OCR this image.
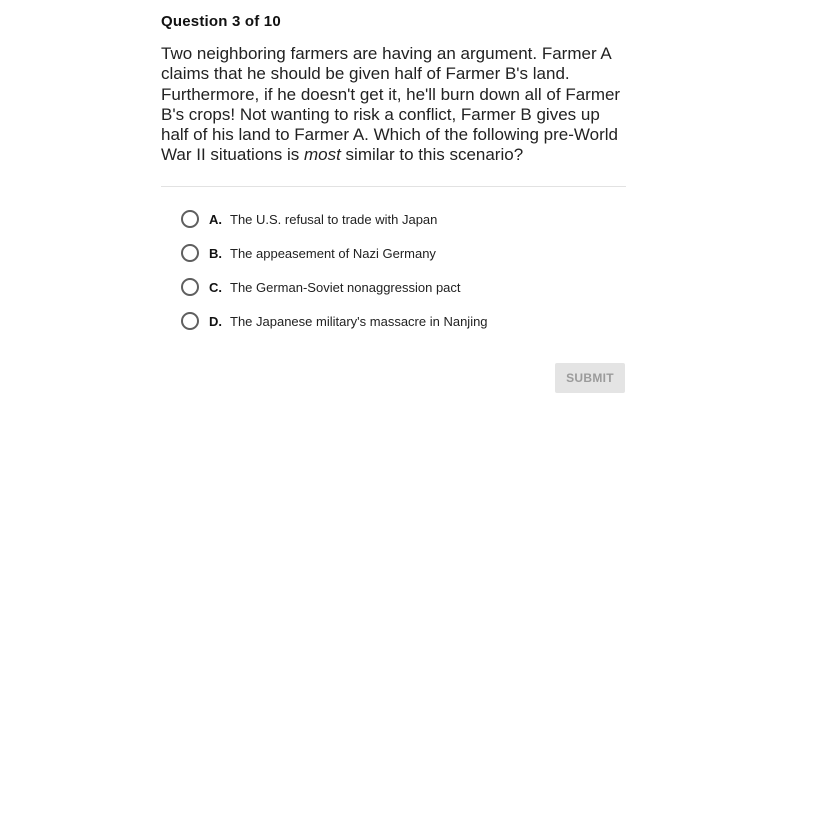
Question 3 of 10
Two neighboring farmers are having an argument. Farmer A claims that he should be given half of Farmer B's land. Furthermore, if he doesn't get it, he'll burn down all of Farmer B's crops! Not wanting to risk a conflict, Farmer B gives up half of his land to Farmer A. Which of the following pre-World War II situations is most similar to this scenario?
A. The U.S. refusal to trade with Japan
B. The appeasement of Nazi Germany
C. The German-Soviet nonaggression pact
D. The Japanese military's massacre in Nanjing
SUBMIT
